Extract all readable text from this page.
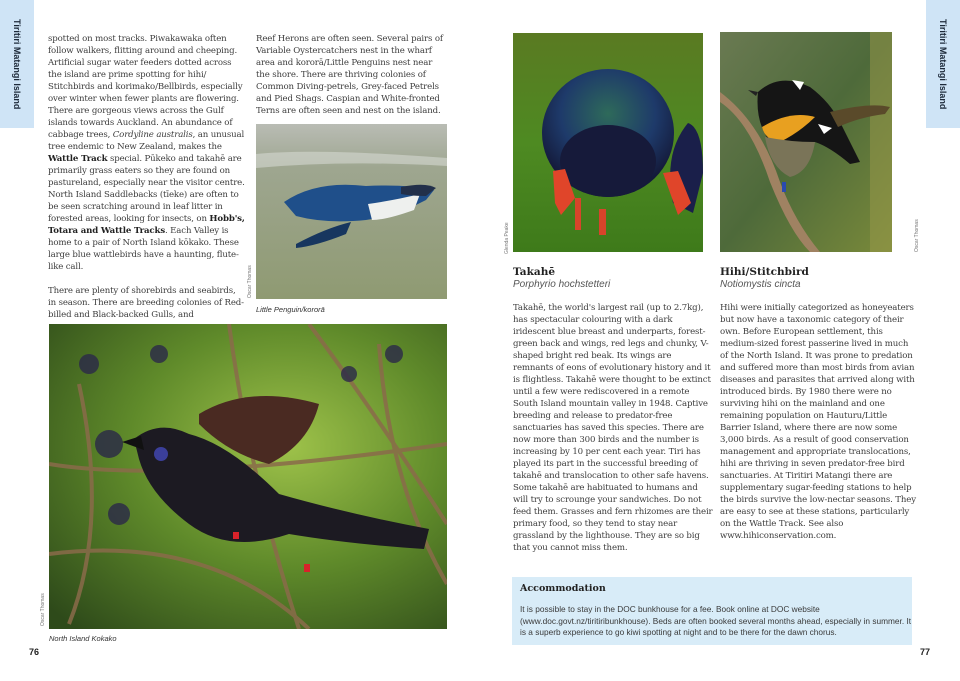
Tiritiri Matangi Island	spotted on most tracks. Piwakawaka often follow walkers, flitting around and cheeping. Artificial sugar water feeders dotted across the island are prime spotting for hihi/ Stitchbirds and korimako/Bellbirds, especially over winter when fewer plants are flowering. There are gorgeous views across the Gulf islands towards Auckland. An abundance of cabbage trees, Cordyline australis, an unusual tree endemic to New Zealand, makes the Wattle Track special. Pūkeko and takahē are primarily grass eaters so they are found on pastureland, especially near the visitor centre. North Island Saddlebacks (tīeke) are often to be seen scratching around in leaf litter in forested areas, looking for insects, on Hobb's, Totara and Wattle Tracks. Each Valley is home to a pair of North Island kōkako. These large blue wattlebirds have a haunting, flute-like call.

There are plenty of shorebirds and seabirds, in season. There are breeding colonies of Red-billed and Black-backed Gulls, and

Reef Herons are often seen. Several pairs of Variable Oystercatchers nest in the wharf area and kororā/Little Penguins nest near the shore. There are thriving colonies of Common Diving-petrels, Grey-faced Petrels and Pied Shags. Caspian and White-fronted Terns are often seen and nest on the island.

Oscar Thomas
Little Penguin/kororā
Oscar Thomas
North Island Kokako
76
Tiritiri Matangi Island
Glenda Peake	Oscar Thomas
Takahē
Porphyrio hochstetteri

Takahē, the world's largest rail (up to 2.7kg), has spectacular colouring with a dark iridescent blue breast and underparts, forest-green back and wings, red legs and chunky, V-shaped bright red beak. Its wings are remnants of eons of evolutionary history and it is flightless. Takahē were thought to be extinct until a few were rediscovered in a remote South Island mountain valley in 1948. Captive breeding and release to predator-free sanctuaries has saved this species. There are now more than 300 birds and the number is increasing by 10 per cent each year. Tiri has played its part in the successful breeding of takahē and translocation to other safe havens. Some takahē are habituated to humans and will try to scrounge your sandwiches. Do not feed them. Grasses and fern rhizomes are their primary food, so they tend to stay near grassland by the lighthouse. They are so big that you cannot miss them.

Hihi/Stitchbird
Notiomystis cincta

Hihi were initially categorized as honeyeaters but now have a taxonomic category of their own. Before European settlement, this medium-sized forest passerine lived in much of the North Island. It was prone to predation and suffered more than most birds from avian diseases and parasites that arrived along with introduced birds. By 1980 there were no surviving hihi on the mainland and one remaining population on Hauturu/Little Barrier Island, where there are now some 3,000 birds. As a result of good conservation management and appropriate translocations, hihi are thriving in seven predator-free bird sanctuaries. At Tiritiri Matangi there are supplementary sugar-feeding stations to help the birds survive the low-nectar seasons. They are easy to see at these stations, particularly on the Wattle Track. See also www.hihiconservation.com.

77
Accommodation
It is possible to stay in the DOC bunkhouse for a fee. Book online at DOC website (www.doc.govt.nz/tiritiribunkhouse). Beds are often booked several months ahead, especially in summer. It is a superb experience to go kiwi spotting at night and to be there for the dawn chorus.
